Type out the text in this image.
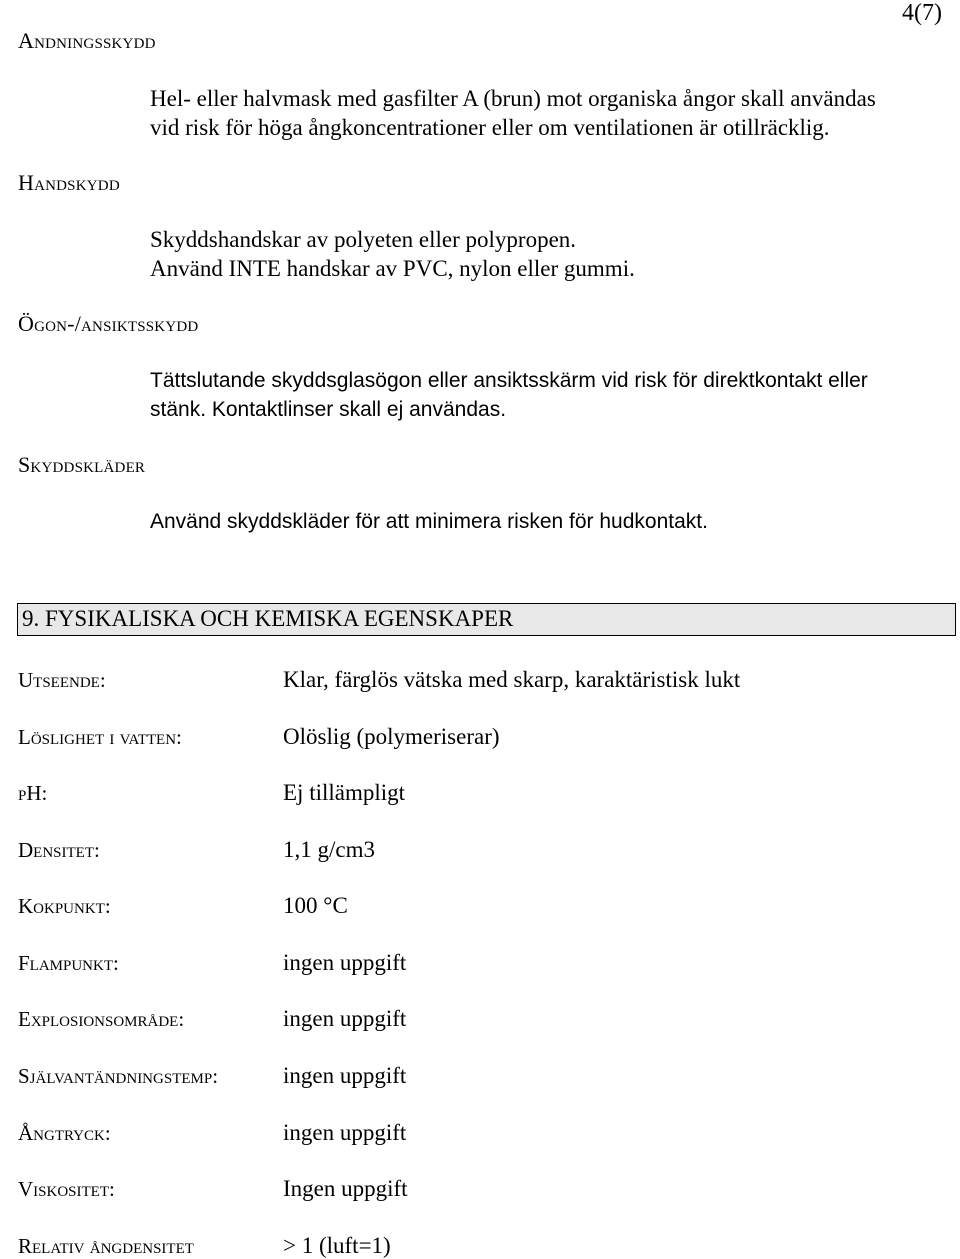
4(7)
Andningsskydd
Hel- eller halvmask med gasfilter A (brun) mot organiska ångor skall användas
vid risk för höga ångkoncentrationer eller om ventilationen är otillräcklig.
Handskydd
Skyddshandskar av polyeten eller polypropen.
Använd INTE handskar av PVC, nylon eller gummi.
Ögon-/ansiktsskydd
Tättslutande skyddsglasögon eller ansiktsskärm vid risk för direktkontakt eller
stänk. Kontaktlinser skall ej användas.
Skyddskläder
Använd skyddskläder för att minimera risken för hudkontakt.
9. FYSIKALISKA OCH KEMISKA EGENSKAPER
Utseende:	Klar, färglös vätska med skarp, karaktäristisk lukt
Löslighet i vatten:	Olöslig (polymeriserar)
pH:	Ej tillämpligt
Densitet:	1,1 g/cm3
Kokpunkt:	100 °C
Flampunkt:	ingen uppgift
Explosionsområde:	ingen uppgift
Självantändningstemp:	ingen uppgift
Ångtryck:	ingen uppgift
Viskositet:	Ingen uppgift
Relativ ångdensitet	> 1 (luft=1)
